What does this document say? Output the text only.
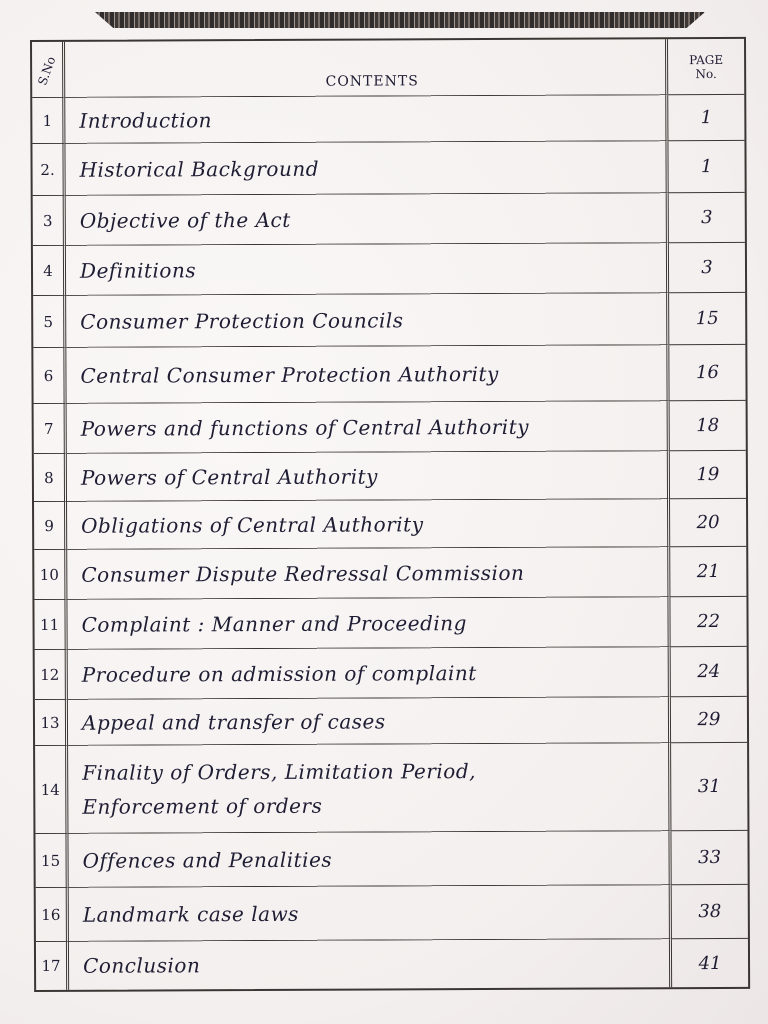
S.No	CONTENTS	PAGE
No.
1	Introduction	1
2.	Historical Background	1
3	Objective of the Act	3
4	Definitions	3
5	Consumer Protection Councils	15
6	Central Consumer Protection Authority	16
7	Powers and functions of Central Authority	18
8	Powers of Central Authority	19
9	Obligations of Central Authority	20
10	Consumer Dispute Redressal Commission	21
11	Complaint : Manner and Proceeding	22
12	Procedure on admission of complaint	24
13	Appeal and transfer of cases	29
14	Finality of Orders, Limitation Period,
Enforcement of orders	31
15	Offences and Penalities	33
16	Landmark case laws	38
17	Conclusion	41
